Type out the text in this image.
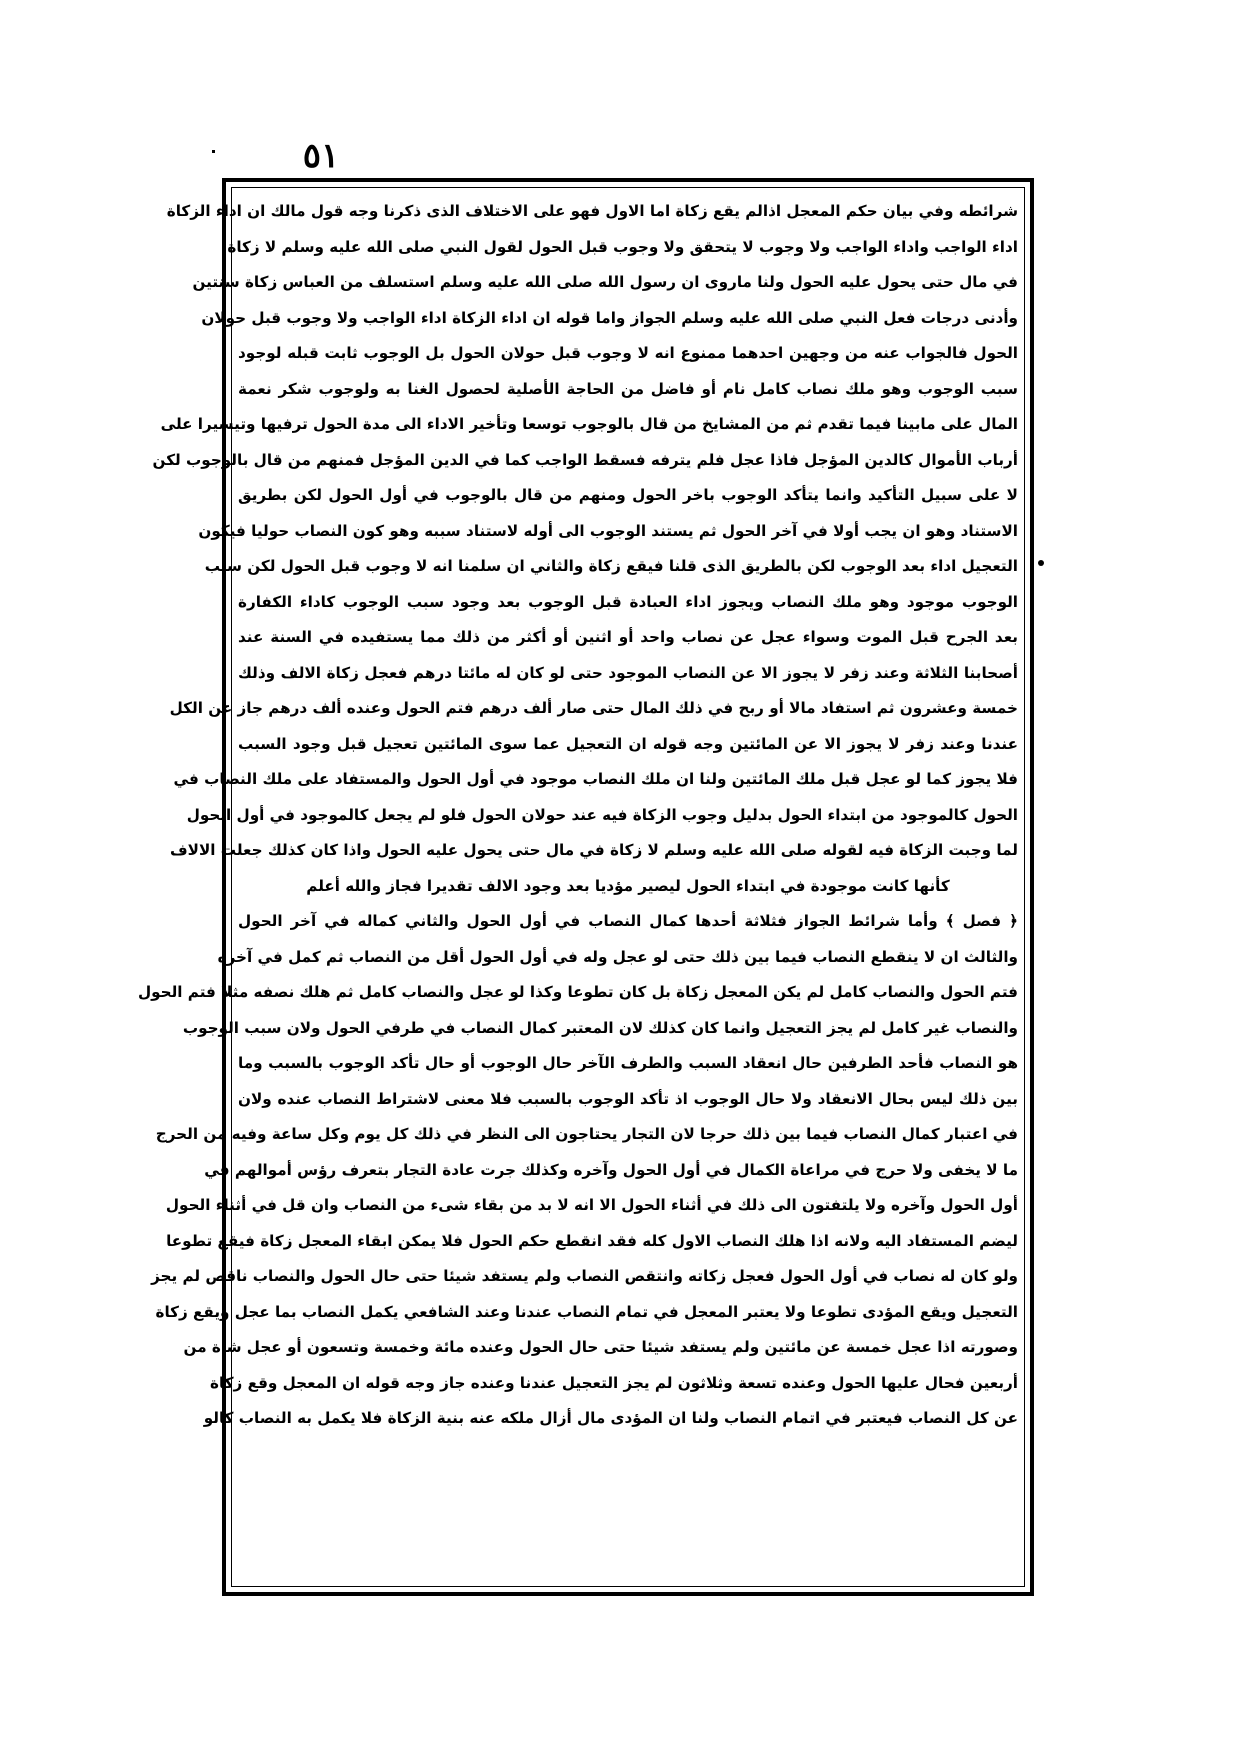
٥١
شرائطه وفي بيان حكم المعجل اذالم يقع زكاة اما الاول فهو على الاختلاف الذى ذكرنا وجه قول مالك ان اداء الزكاة
اداء الواجب واداء الواجب ولا وجوب لا يتحقق ولا وجوب قبل الحول لقول النبي صلى الله عليه وسلم لا زكاة
في مال حتى يحول عليه الحول ولنا ماروى ان رسول الله صلى الله عليه وسلم استسلف من العباس زكاة سنتين
وأدنى درجات فعل النبي صلى الله عليه وسلم الجواز واما قوله ان اداء الزكاة اداء الواجب ولا وجوب قبل حولان
الحول فالجواب عنه من وجهين احدهما ممنوع انه لا وجوب قبل حولان الحول بل الوجوب ثابت قبله لوجود
سبب الوجوب وهو ملك نصاب كامل نام أو فاضل من الحاجة الأصلية لحصول الغنا به ولوجوب شكر نعمة
المال على مابينا فيما تقدم ثم من المشايخ من قال بالوجوب توسعا وتأخير الاداء الى مدة الحول ترفيها وتيسيرا على
أرباب الأموال كالدين المؤجل فاذا عجل فلم يترفه فسقط الواجب كما في الدين المؤجل فمنهم من قال بالوجوب لكن
لا على سبيل التأكيد وانما يتأكد الوجوب باخر الحول ومنهم من قال بالوجوب في أول الحول لكن بطريق
الاستناد وهو ان يجب أولا في آخر الحول ثم يستند الوجوب الى أوله لاستناد سببه وهو كون النصاب حوليا فيكون
التعجيل اداء بعد الوجوب لكن بالطريق الذى قلنا فيقع زكاة والثاني ان سلمنا انه لا وجوب قبل الحول لكن سبب
الوجوب موجود وهو ملك النصاب ويجوز اداء العبادة قبل الوجوب بعد وجود سبب الوجوب كاداء الكفارة
بعد الجرح قبل الموت وسواء عجل عن نصاب واحد أو اثنين أو أكثر من ذلك مما يستفيده في السنة عند
أصحابنا الثلاثة وعند زفر لا يجوز الا عن النصاب الموجود حتى لو كان له مائتا درهم فعجل زكاة الالف وذلك
خمسة وعشرون ثم استفاد مالا أو ربح في ذلك المال حتى صار ألف درهم فتم الحول وعنده ألف درهم جاز عن الكل
عندنا وعند زفر لا يجوز الا عن المائتين وجه قوله ان التعجيل عما سوى المائتين تعجيل قبل وجود السبب
فلا يجوز كما لو عجل قبل ملك المائتين ولنا ان ملك النصاب موجود في أول الحول والمستفاد على ملك النصاب في
الحول كالموجود من ابتداء الحول بدليل وجوب الزكاة فيه عند حولان الحول فلو لم يجعل كالموجود في أول الحول
لما وجبت الزكاة فيه لقوله صلى الله عليه وسلم لا زكاة في مال حتى يحول عليه الحول واذا كان كذلك جعلت الالاف
كأنها كانت موجودة في ابتداء الحول ليصير مؤديا بعد وجود الالف تقديرا فجاز والله أعلم
﴿ فصل ﴾ وأما شرائط الجواز فثلاثة أحدها كمال النصاب في أول الحول والثاني كماله في آخر الحول
والثالث ان لا ينقطع النصاب فيما بين ذلك حتى لو عجل وله في أول الحول أقل من النصاب ثم كمل في آخره
فتم الحول والنصاب كامل لم يكن المعجل زكاة بل كان تطوعا وكذا لو عجل والنصاب كامل ثم هلك نصفه مثلا فتم الحول
والنصاب غير كامل لم يجز التعجيل وانما كان كذلك لان المعتبر كمال النصاب في طرفي الحول ولان سبب الوجوب
هو النصاب فأحد الطرفين حال انعقاد السبب والطرف الآخر حال الوجوب أو حال تأكد الوجوب بالسبب وما
بين ذلك ليس بحال الانعقاد ولا حال الوجوب اذ تأكد الوجوب بالسبب فلا معنى لاشتراط النصاب عنده ولان
في اعتبار كمال النصاب فيما بين ذلك حرجا لان التجار يحتاجون الى النظر في ذلك كل يوم وكل ساعة وفيه من الحرج
ما لا يخفى ولا حرج في مراعاة الكمال في أول الحول وآخره وكذلك جرت عادة التجار بتعرف رؤس أموالهم في
أول الحول وآخره ولا يلتفتون الى ذلك في أثناء الحول الا انه لا بد من بقاء شىء من النصاب وان قل في أثناء الحول
ليضم المستفاد اليه ولانه اذا هلك النصاب الاول كله فقد انقطع حكم الحول فلا يمكن ابقاء المعجل زكاة فيقع تطوعا
ولو كان له نصاب في أول الحول فعجل زكاته وانتقص النصاب ولم يستفد شيئا حتى حال الحول والنصاب ناقص لم يجز
التعجيل ويقع المؤدى تطوعا ولا يعتبر المعجل في تمام النصاب عندنا وعند الشافعي يكمل النصاب بما عجل ويقع زكاة
وصورته اذا عجل خمسة عن مائتين ولم يستفد شيئا حتى حال الحول وعنده مائة وخمسة وتسعون أو عجل شاة من
أربعين فحال عليها الحول وعنده تسعة وثلاثون لم يجز التعجيل عندنا وعنده جاز وجه قوله ان المعجل وقع زكاة
عن كل النصاب فيعتبر في اتمام النصاب ولنا ان المؤدى مال أزال ملكه عنه بنية الزكاة فلا يكمل به النصاب كالو
